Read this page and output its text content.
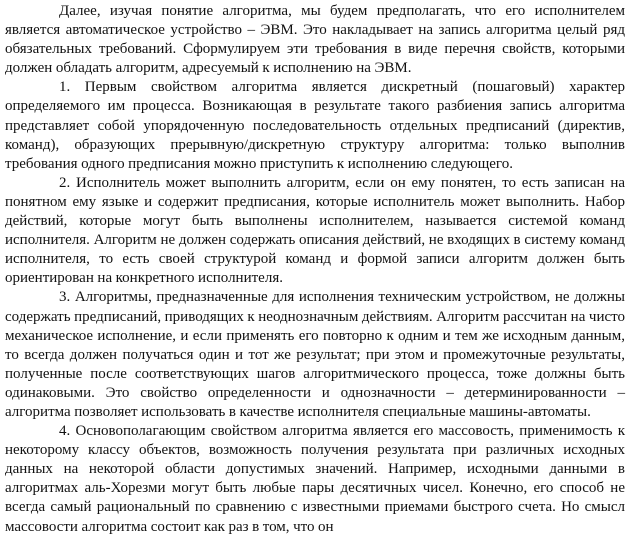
Далее, изучая понятие алгоритма, мы будем предполагать, что его исполнителем является автоматическое устройство – ЭВМ. Это накладывает на запись алгоритма целый ряд обязательных требований. Сформулируем эти требования в виде перечня свойств, которыми должен обладать алгоритм, адресуемый к исполнению на ЭВМ.

1. Первым свойством алгоритма является дискретный (пошаговый) характер определяемого им процесса. Возникающая в результате такого разбиения запись алгоритма представляет собой упорядоченную последовательность отдельных предписаний (директив, команд), образующих прерывную/дискретную структуру алгоритма: только выполнив требования одного предписания можно приступить к исполнению следующего.

2. Исполнитель может выполнить алгоритм, если он ему понятен, то есть записан на понятном ему языке и содержит предписания, которые исполнитель может выполнить. Набор действий, которые могут быть выполнены исполнителем, называется системой команд исполнителя. Алгоритм не должен содержать описания действий, не входящих в систему команд исполнителя, то есть своей структурой команд и формой записи алгоритм должен быть ориентирован на конкретного исполнителя.

3. Алгоритмы, предназначенные для исполнения техническим устройством, не должны содержать предписаний, приводящих к неоднозначным действиям. Алгоритм рассчитан на чисто механическое исполнение, и если применять его повторно к одним и тем же исходным данным, то всегда должен получаться один и тот же результат; при этом и промежуточные результаты, полученные после соответствующих шагов алгоритмического процесса, тоже должны быть одинаковыми. Это свойство определенности и однозначности – детерминированности – алгоритма позволяет использовать в качестве исполнителя специальные машины-автоматы.

4. Основополагающим свойством алгоритма является его массовость, применимость к некоторому классу объектов, возможность получения результата при различных исходных данных на некоторой области допустимых значений. Например, исходными данными в алгоритмах аль-Хорезми могут быть любые пары десятичных чисел. Конечно, его способ не всегда самый рациональный по сравнению с известными приемами быстрого счета. Но смысл массовости алгоритма состоит как раз в том, что он
